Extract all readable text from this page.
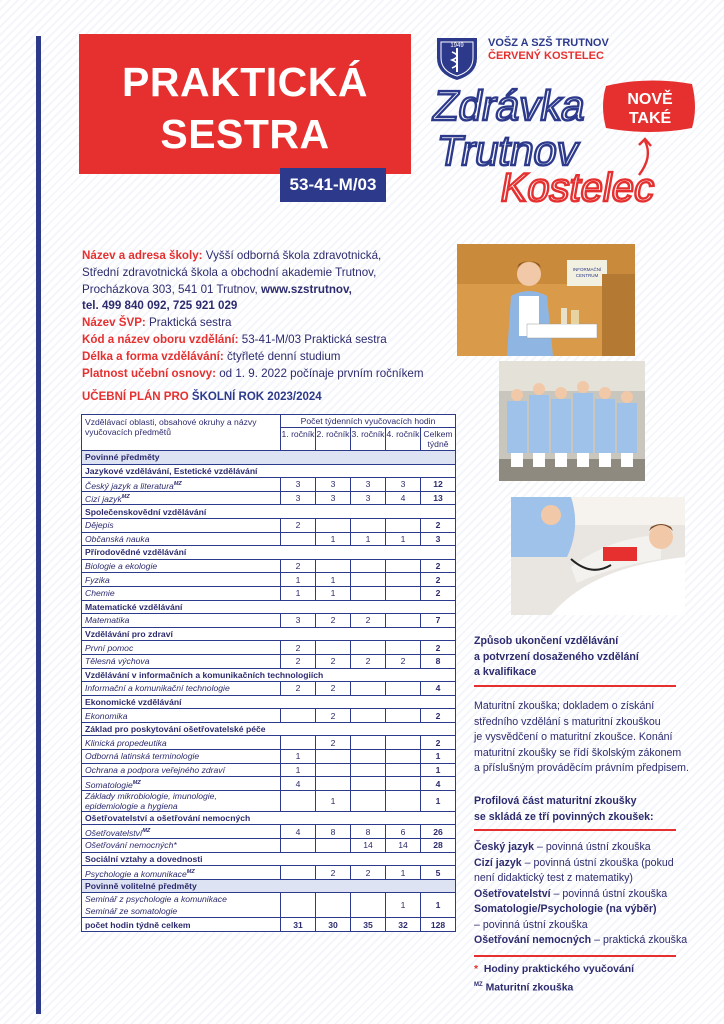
PRAKTICKÁ
SESTRA
53-41-M/03
1949 VOŠZ A SZŠ TRUTNOV
ČERVENÝ KOSTELEC
Zdrávka
Trutnov
Kostelec
NOVĚ
TAKÉ
Název a adresa školy: Vyšší odborná škola zdravotnická,
Střední zdravotnická škola a obchodní akademie Trutnov,
Procházkova 303, 541 01 Trutnov, www.szstrutnov,
tel. 499 840 092, 725 921 029
Název ŠVP: Praktická sestra
Kód a název oboru vzdělání: 53-41-M/03 Praktická sestra
Délka a forma vzdělávání: čtyřleté denní studium
Platnost učební osnovy: od 1. 9. 2022 počínaje prvním ročníkem
INFORMAČNÍ
CENTRUM
UČEBNÍ PLÁN PRO ŠKOLNÍ ROK 2023/2024
Vzdělávací oblasti, obsahové okruhy a názvy vyučovacích předmětů	Počet týdenních vyučovacích hodin				
	1. ročník	2. ročník	3. ročník	4. ročník	Celkem týdně
Povinné předměty					
Jazykové vzdělávání, Estetické vzdělávání					
Český jazyk a literatura$^{MZ}$	3	3	3	3	12
Cizí jazyk$^{MZ}$	3	3	3	4	13
Společenskovědní vzdělávání					
Dějepis	2				2
Občanská nauka		1	1	1	3
Přírodovědné vzdělávání					
Biologie a ekologie	2				2
Fyzika	1	1			2
Chemie	1	1			2
Matematické vzdělávání					
Matematika	3	2	2		7
Vzdělávání pro zdraví					
První pomoc	2				2
Tělesná výchova	2	2	2	2	8
Vzdělávání v informačních a komunikačních technologiích					
Informační a komunikační technologie	2	2			4
Ekonomické vzdělávání					
Ekonomika		2			2
Základ pro poskytování ošetřovatelské péče					
Klinická propedeutika		2			2
Odborná latinská terminologie	1				1
Ochrana a podpora veřejného zdraví	1				1
Somatologie$^{MZ}$	4				4

Základy mikrobiologie, imunologie,
epidemiologie a hygiena		1			1
Ošetřovatelství a ošetřování nemocných					
Ošetřovatelství$^{MZ}$	4	8	8	6	26
Ošetřování nemocných*			14	14	28
Sociální vztahy a dovednosti					
Psychologie a komunikace$^{MZ}$		2	2	1	5
Povinně volitelné předměty					

Seminář z psychologie a komunikace
Seminář ze somatologie				1	1
počet hodin týdně celkem	31	30	35	32	128
Způsob ukončení vzdělávání
a potvrzení dosaženého vzdělání
a kvalifikace
Maturitní zkouška; dokladem o získání
středního vzdělání s maturitní zkouškou
je vysvědčení o maturitní zkoušce. Konání
maturitní zkoušky se řídí školským zákonem
a příslušným prováděcím právním předpisem.
Profilová část maturitní zkoušky
se skládá ze tří povinných zkoušek:
Český jazyk – povinná ústní zkouška
Cizí jazyk – povinná ústní zkouška (pokud
není didaktický test z matematiky)
Ošetřovatelství – povinná ústní zkouška
Somatologie/Psychologie (na výběr)
– povinná ústní zkouška
Ošetřování nemocných – praktická zkouška
* Hodiny praktického vyučování
$^{MZ}$ Maturitní zkouška
